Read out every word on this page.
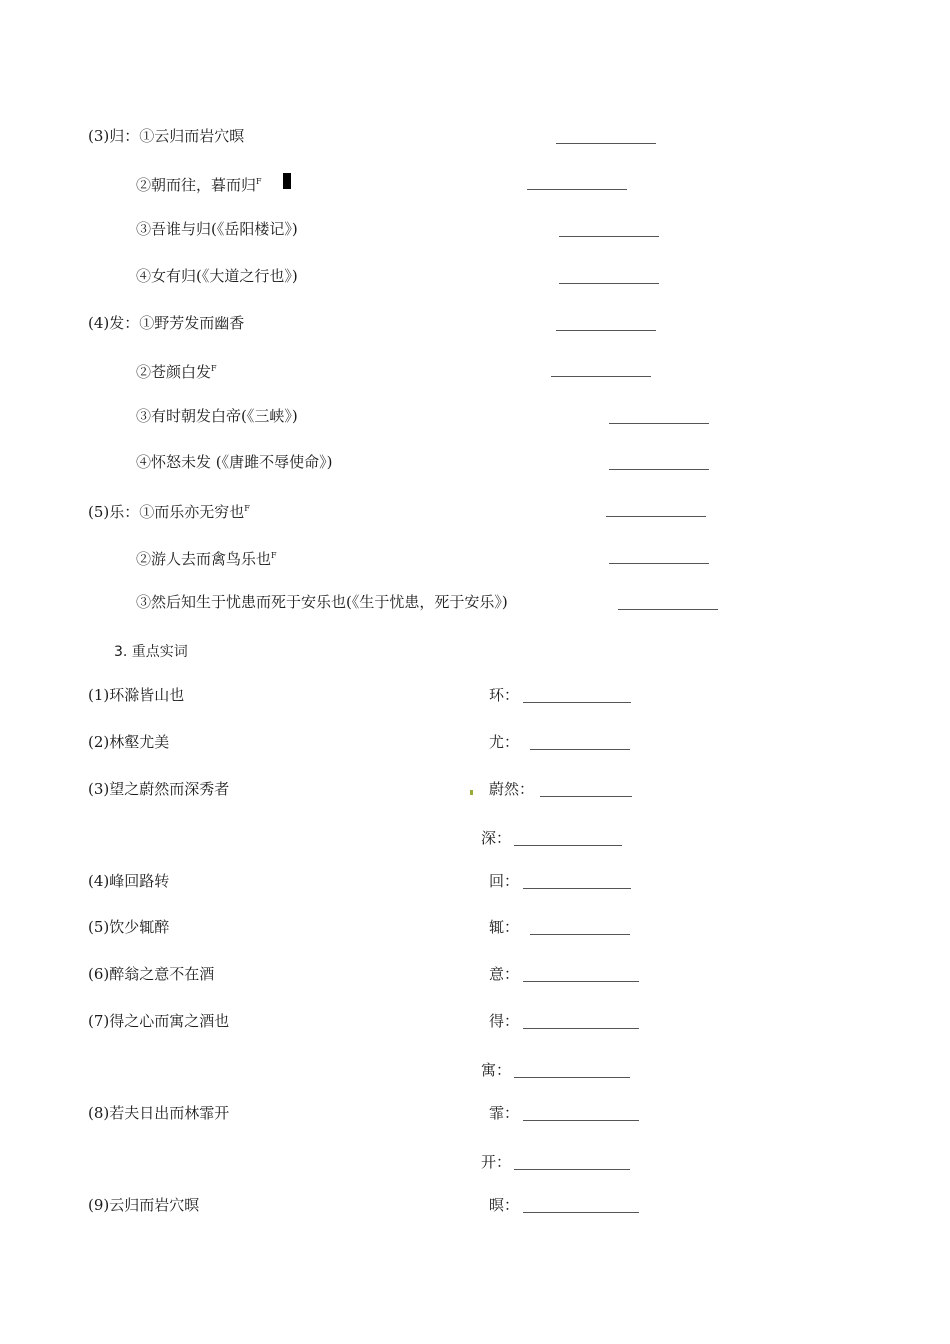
(3)归：①云归而岩穴暝
②朝而往，暮而归$^F$
③吾谁与归(《岳阳楼记》)
④女有归(《大道之行也》)
(4)发：①野芳发而幽香
②苍颜白发$^F$
③有时朝发白帝(《三峡》)
④怀怒未发 (《唐雎不辱使命》)
(5)乐：①而乐亦无穷也$^F$
②游人去而禽鸟乐也$^F$
③然后知生于忧患而死于安乐也(《生于忧患，死于安乐》)
3. 重点实词
(1)环滁皆山也	环：
(2)林壑尤美	尤：
(3)望之蔚然而深秀者	蔚然：
深：
(4)峰回路转	回：
(5)饮少辄醉	辄：
(6)醉翁之意不在酒	意：
(7)得之心而寓之酒也	得：
寓：
(8)若夫日出而林霏开	霏：
开：
(9)云归而岩穴暝	暝：
